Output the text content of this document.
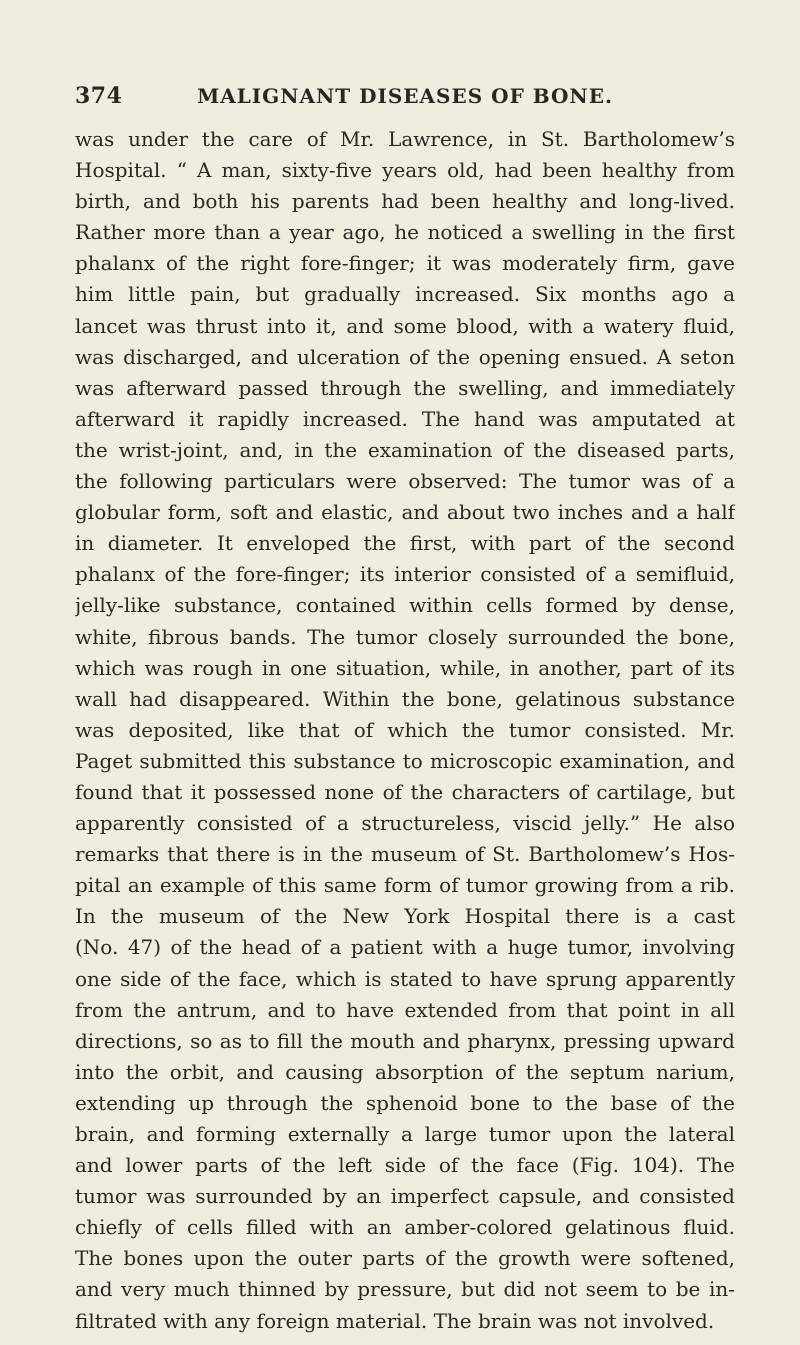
374	MALIGNANT DISEASES OF BONE.
was under the care of Mr. Lawrence, in St. Bartholomew’s
Hospital. “ A man, sixty-five years old, had been healthy from
birth, and both his parents had been healthy and long-lived.
Rather more than a year ago, he noticed a swelling in the first
phalanx of the right fore-finger; it was moderately firm, gave
him little pain, but gradually increased. Six months ago a
lancet was thrust into it, and some blood, with a watery fluid,
was discharged, and ulceration of the opening ensued. A seton
was afterward passed through the swelling, and immediately
afterward it rapidly increased. The hand was amputated at
the wrist-joint, and, in the examination of the diseased parts,
the following particulars were observed: The tumor was of a
globular form, soft and elastic, and about two inches and a half
in diameter. It enveloped the first, with part of the second
phalanx of the fore-finger; its interior consisted of a semifluid,
jelly-like substance, contained within cells formed by dense,
white, fibrous bands. The tumor closely surrounded the bone,
which was rough in one situation, while, in another, part of its
wall had disappeared. Within the bone, gelatinous substance
was deposited, like that of which the tumor consisted. Mr.
Paget submitted this substance to microscopic examination, and
found that it possessed none of the characters of cartilage, but
apparently consisted of a structureless, viscid jelly.” He also
remarks that there is in the museum of St. Bartholomew’s Hos-
pital an example of this same form of tumor growing from a rib.
In the museum of the New York Hospital there is a cast
(No. 47) of the head of a patient with a huge tumor, involving
one side of the face, which is stated to have sprung apparently
from the antrum, and to have extended from that point in all
directions, so as to fill the mouth and pharynx, pressing upward
into the orbit, and causing absorption of the septum narium,
extending up through the sphenoid bone to the base of the
brain, and forming externally a large tumor upon the lateral
and lower parts of the left side of the face (Fig. 104). The
tumor was surrounded by an imperfect capsule, and consisted
chiefly of cells filled with an amber-colored gelatinous fluid.
The bones upon the outer parts of the growth were softened,
and very much thinned by pressure, but did not seem to be in-
filtrated with any foreign material. The brain was not involved.
